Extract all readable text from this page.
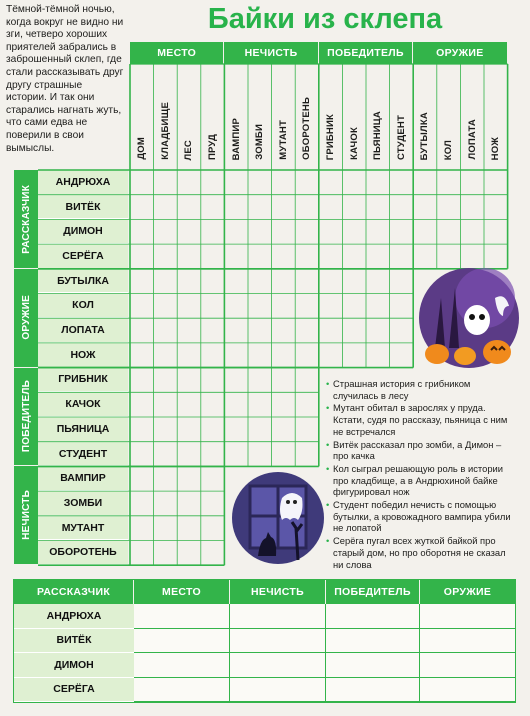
Тёмной-тёмной ночью, когда вокруг не видно ни зги, четверо хороших приятелей забрались в заброшенный склеп, где стали рассказывать друг другу страшные истории. И так они старались нагнать жуть, что сами едва не поверили в свои вымыслы.

Байки из склепа
МЕСТО
ДОМ КЛАДБИЩЕ ЛЕС ПРУД
НЕЧИСТЬ
ВАМПИР ЗОМБИ МУТАНТ ОБОРОТЕНЬ
ПОБЕДИТЕЛЬ
ГРИБНИК КАЧОК ПЬЯНИЦА СТУДЕНТ
ОРУЖИЕ
БУТЫЛКА КОЛ ЛОПАТА НОЖ
РАССКАЗЧИК
АНДРЮХА
ВИТЁК
ДИМОН
СЕРЁГА
ОРУЖИЕ
БУТЫЛКА
КОЛ
ЛОПАТА
НОЖ
ПОБЕДИТЕЛЬ
ГРИБНИК
КАЧОК
ПЬЯНИЦА
СТУДЕНТ
НЕЧИСТЬ
ВАМПИР
ЗОМБИ
МУТАНТ
ОБОРОТЕНЬ
• Страшная история с грибником случилась в лесу
• Мутант обитал в зарослях у пруда. Кстати, судя по рассказу, пьяница с ним не встречался
• Витёк рассказал про зомби, а Димон – про качка
• Кол сыграл решающую роль в истории про кладбище, а в Андрюхиной байке фигурировал нож
• Студент победил нечисть с помощью бутылки, а кровожадного вампира убили не лопатой
• Серёга пугал всех жуткой байкой про старый дом, но про оборотня не сказал ни слова
РАССКАЗЧИК	МЕСТО	НЕЧИСТЬ	ПОБЕДИТЕЛЬ	ОРУЖИЕ
АНДРЮХА
ВИТЁК
ДИМОН
СЕРЁГА
